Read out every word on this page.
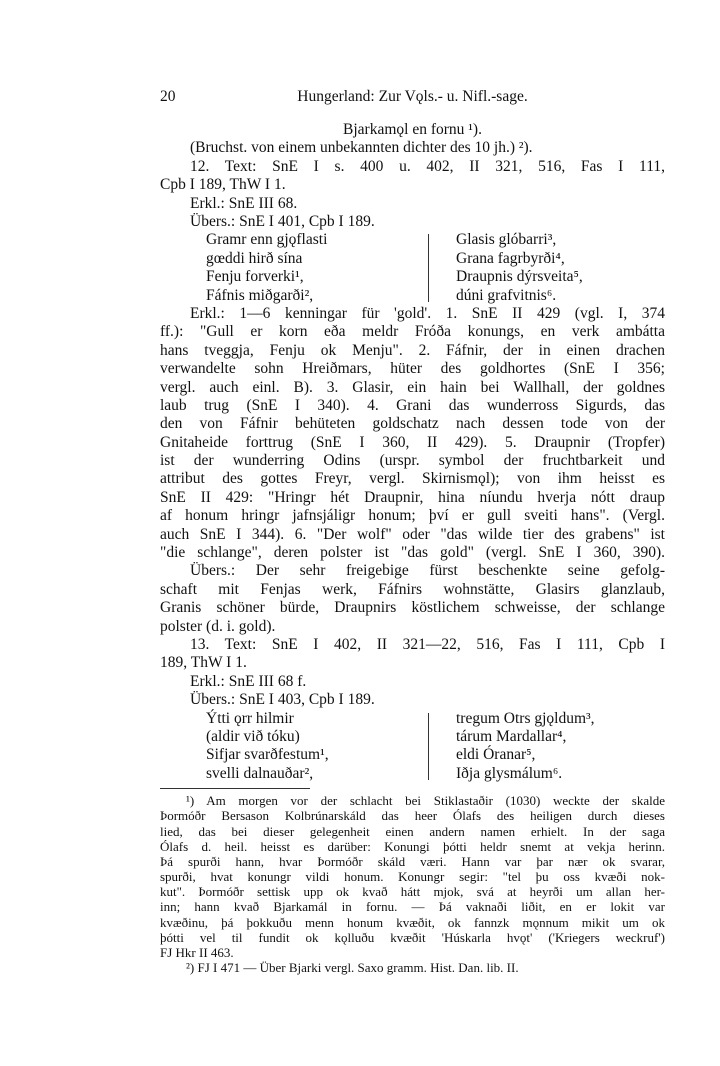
20	Hungerland: Zur Vǫls.- u. Nifl.-sage.
Bjarkamǫl en fornu ¹).
(Bruchst. von einem unbekannten dichter des 10 jh.) ²).
12. Text: SnE I s. 400 u. 402, II 321, 516, Fas I 111,
Cpb I 189, ThW I 1.
Erkl.: SnE III 68.
Übers.: SnE I 401, Cpb I 189.
Gramr enn gjǫflasti
gœddi hirð sína
Fenju forverki¹,
Fáfnis miðgarði²,
Glasis glóbarri³,
Grana fagrbyrði⁴,
Draupnis dýrsveita⁵,
dúni grafvitnis⁶.
Erkl.: 1—6 kenningar für 'gold'. 1. SnE II 429 (vgl. I, 374
ff.): "Gull er korn eða meldr Fróða konungs, en verk ambátta
hans tveggja, Fenju ok Menju". 2. Fáfnir, der in einen drachen
verwandelte sohn Hreiðmars, hüter des goldhortes (SnE I 356;
vergl. auch einl. B). 3. Glasir, ein hain bei Wallhall, der goldnes
laub trug (SnE I 340). 4. Grani das wunderross Sigurds, das
den von Fáfnir behüteten goldschatz nach dessen tode von der
Gnitaheide forttrug (SnE I 360, II 429). 5. Draupnir (Tropfer)
ist der wunderring Odins (urspr. symbol der fruchtbarkeit und
attribut des gottes Freyr, vergl. Skirnismǫl); von ihm heisst es
SnE II 429: "Hringr hét Draupnir, hina níundu hverja nótt draup
af honum hringr jafnsjáligr honum; því er gull sveiti hans". (Vergl.
auch SnE I 344). 6. "Der wolf" oder "das wilde tier des grabens" ist
"die schlange", deren polster ist "das gold" (vergl. SnE I 360, 390).
Übers.: Der sehr freigebige fürst beschenkte seine gefolg-
schaft mit Fenjas werk, Fáfnirs wohnstätte, Glasirs glanzlaub,
Granis schöner bürde, Draupnirs köstlichem schweisse, der schlange
polster (d. i. gold).
13. Text: SnE I 402, II 321—22, 516, Fas I 111, Cpb I
189, ThW I 1.
Erkl.: SnE III 68 f.
Übers.: SnE I 403, Cpb I 189.
Ýtti ǫrr hilmir
(aldir við tóku)
Sifjar svarðfestum¹,
svelli dalnauðar²,
tregum Otrs gjǫldum³,
tárum Mardallar⁴,
eldi Óranar⁵,
Iðja glysmálum⁶.
¹) Am morgen vor der schlacht bei Stiklastaðir (1030) weckte der skalde
Þormóðr Bersason Kolbrúnarskáld das heer Ólafs des heiligen durch dieses
lied, das bei dieser gelegenheit einen andern namen erhielt. In der saga
Ólafs d. heil. heisst es darüber: Konungi þótti heldr snemt at vekja herinn.
Þá spurði hann, hvar Þormóðr skáld væri. Hann var þar nær ok svarar,
spurði, hvat konungr vildi honum. Konungr segir: "tel þu oss kvæði nok-
kut". Þormóðr settisk upp ok kvað hátt mjok, svá at heyrði um allan her-
inn; hann kvað Bjarkamál in fornu. — Þá vaknaði liðit, en er lokit var
kvæðinu, þá þokkuðu menn honum kvæðit, ok fannzk mǫnnum mikit um ok
þótti vel til fundit ok kǫlluðu kvæðit 'Húskarla hvǫt' ('Kriegers weckruf')
FJ Hkr II 463.
²) FJ I 471 — Über Bjarki vergl. Saxo gramm. Hist. Dan. lib. II.
